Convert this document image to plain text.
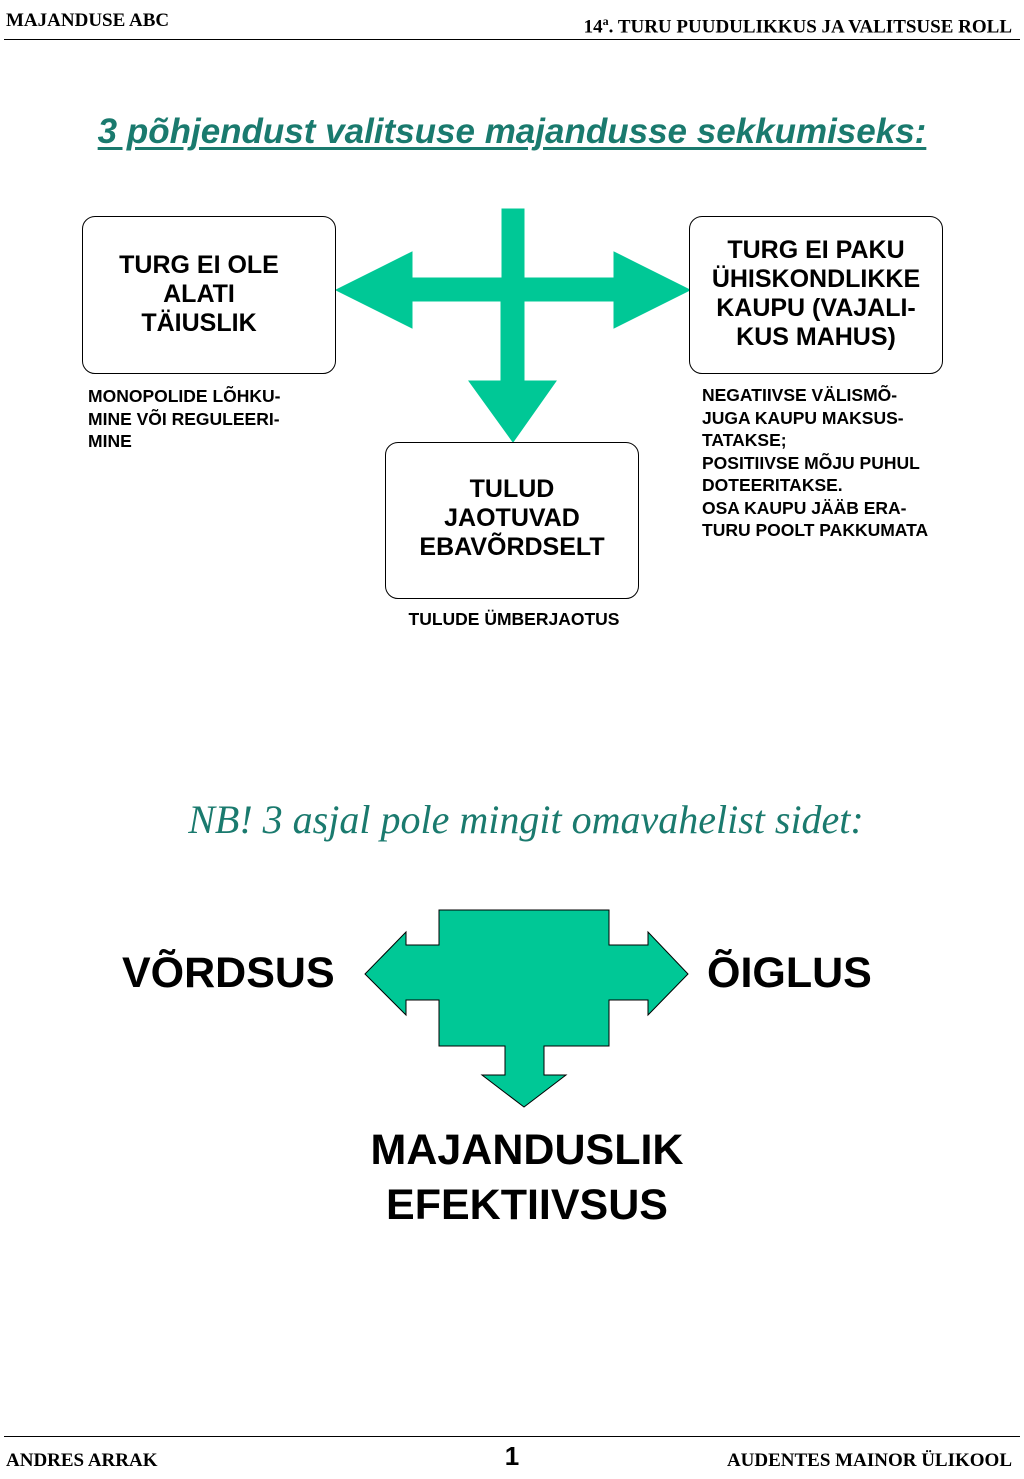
MAJANDUSE ABC	14$^a$. TURU PUUDULIKKUS JA VALITSUSE ROLL
3 põhjendust valitsuse majandusse sekkumiseks:
TURG EI OLE
ALATI
TÄIUSLIK
TURG EI PAKU
ÜHISKONDLIKKE
KAUPU (VAJALI-
KUS MAHUS)
TULUD
JAOTUVAD
EBAVÕRDSELT
MONOPOLIDE LÕHKU-
MINE VÕI REGULEERI-
MINE
NEGATIIVSE VÄLISMÕ-
JUGA KAUPU MAKSUS-
TATAKSE;
POSITIIVSE MÕJU PUHUL
DOTEERITAKSE.
OSA KAUPU JÄÄB ERA-
TURU POOLT PAKKUMATA
TULUDE ÜMBERJAOTUS
NB! 3 asjal pole mingit omavahelist sidet:
VÕRDSUS	ÕIGLUS
MAJANDUSLIK
EFEKTIIVSUS
ANDRES ARRAK	1	AUDENTES MAINOR ÜLIKOOL
